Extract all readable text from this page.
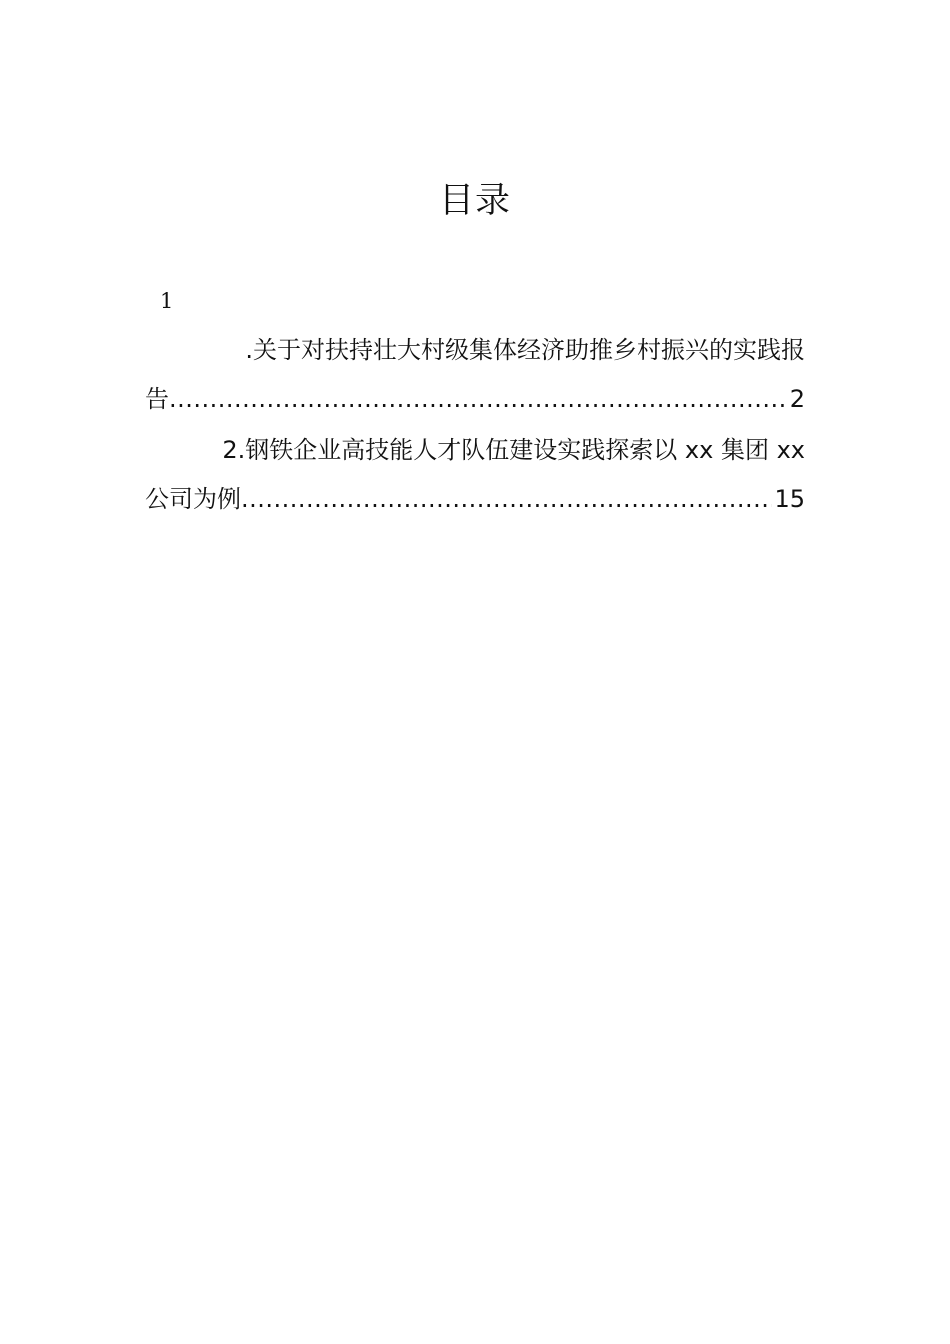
目录
1
.关于对扶持壮大村级集体经济助推乡村振兴的实践报
告 .....	2
2.钢铁企业高技能人才队伍建设实践探索以 xx 集团 xx
公司为例 .....	15
